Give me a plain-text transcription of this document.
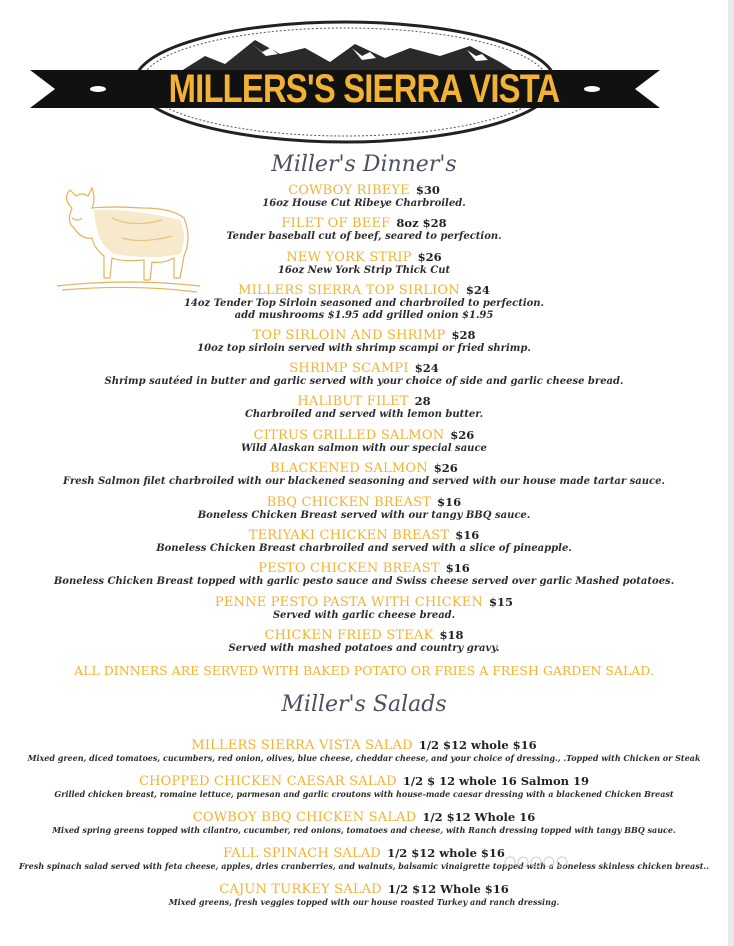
MILLERS'S SIERRA VISTA
Miller's Dinner's
COWBOY RIBEYE $30
16oz House Cut Ribeye Charbroiled.
FILET OF BEEF 8oz $28
Tender baseball cut of beef, seared to perfection.
NEW YORK STRIP $26
16oz New York Strip Thick Cut
MILLERS SIERRA TOP SIRLION $24
14oz Tender Top Sirloin seasoned and charbroiled to perfection.
add mushrooms $1.95 add grilled onion $1.95
TOP SIRLOIN AND SHRIMP $28
10oz top sirloin served with shrimp scampi or fried shrimp.
SHRIMP SCAMPI $24
Shrimp sautéed in butter and garlic served with your choice of side and garlic cheese bread.
HALIBUT FILET 28
Charbroiled and served with lemon butter.
CITRUS GRILLED SALMON $26
Wild Alaskan salmon with our special sauce
BLACKENED SALMON $26
Fresh Salmon filet charbroiled with our blackened seasoning and served with our house made tartar sauce.
BBQ CHICKEN BREAST $16
Boneless Chicken Breast served with our tangy BBQ sauce.
TERIYAKI CHICKEN BREAST $16
Boneless Chicken Breast charbroiled and served with a slice of pineapple.
PESTO CHICKEN BREAST $16
Boneless Chicken Breast topped with garlic pesto sauce and Swiss cheese served over garlic Mashed potatoes.
PENNE PESTO PASTA WITH CHICKEN $15
Served with garlic cheese bread.
CHICKEN FRIED STEAK $18
Served with mashed potatoes and country gravy.
ALL DINNERS ARE SERVED WITH BAKED POTATO OR FRIES A FRESH GARDEN SALAD.
Miller's Salads
MILLERS SIERRA VISTA SALAD 1/2 $12 whole $16
Mixed green, diced tomatoes, cucumbers, red onion, olives, blue cheese, cheddar cheese, and your choice of dressing., .Topped with Chicken or Steak
CHOPPED CHICKEN CAESAR SALAD 1/2 $ 12 whole 16 Salmon 19
Grilled chicken breast, romaine lettuce, parmesan and garlic croutons with house-made caesar dressing with a blackened Chicken Breast
COWBOY BBQ CHICKEN SALAD 1/2 $12 Whole 16
Mixed spring greens topped with cilantro, cucumber, red onions, tomatoes and cheese, with Ranch dressing topped with tangy BBQ sauce.
FALL SPINACH SALAD 1/2 $12 whole $16
Fresh spinach salad served with feta cheese, apples, dries cranberries, and walnuts, balsamic vinaigrette topped with a boneless skinless chicken breast..
CAJUN TURKEY SALAD 1/2 $12 Whole $16
Mixed greens, fresh veggies topped with our house roasted Turkey and ranch dressing.
